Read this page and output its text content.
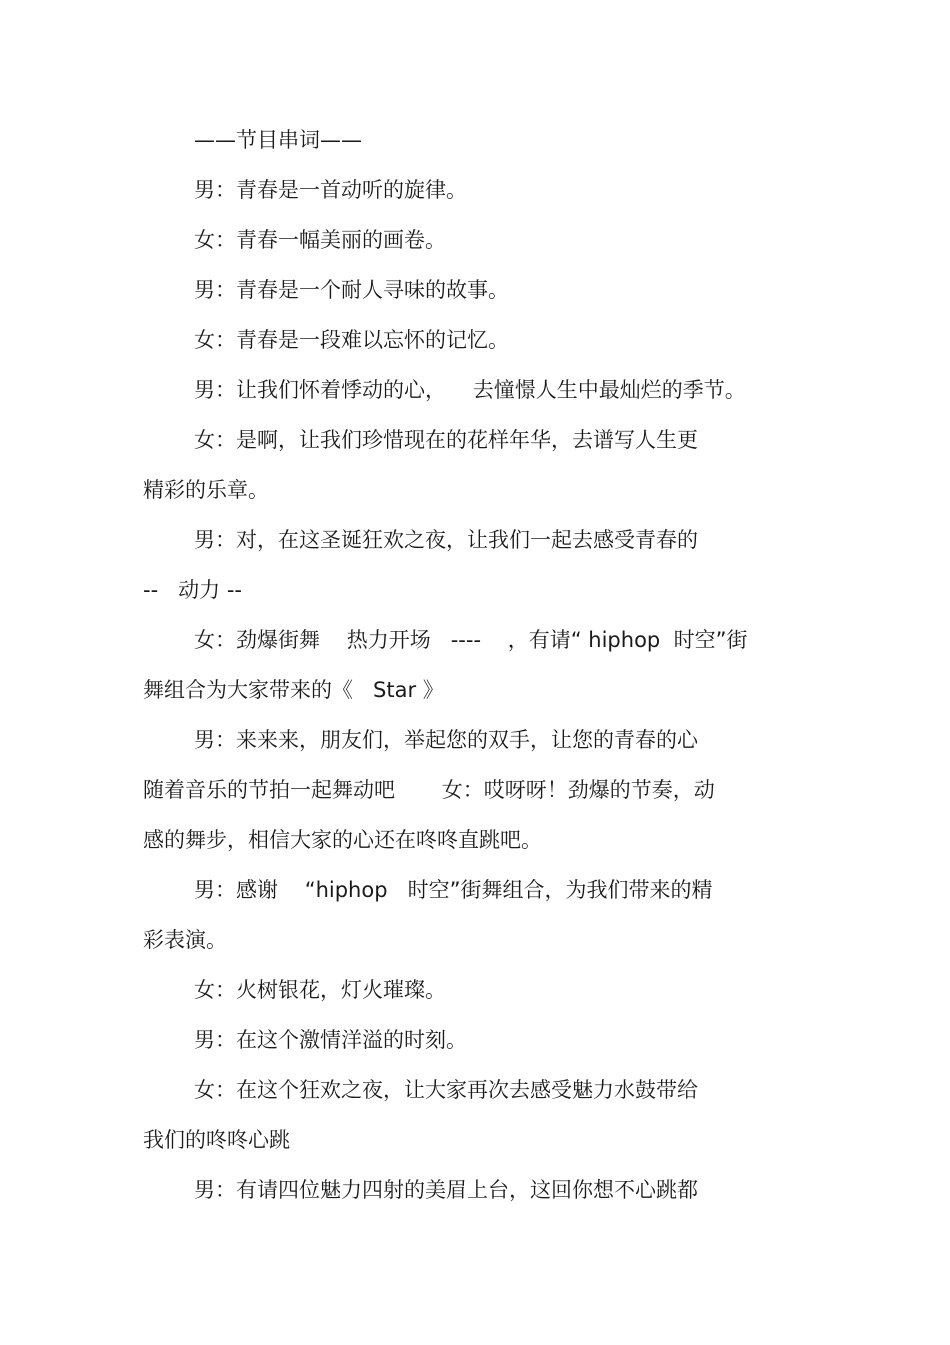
——节目串词——
男：青春是一首动听的旋律。
女：青春一幅美丽的画卷。
男：青春是一个耐人寻味的故事。
女：青春是一段难以忘怀的记忆。
男：让我们怀着悸动的心，    去憧憬人生中最灿烂的季节。
女：是啊，让我们珍惜现在的花样年华，去谱写人生更
精彩的乐章。
男：对，在这圣诞狂欢之夜，让我们一起去感受青春的
--   动力 --
女：劲爆街舞    热力开场   ----    ，有请“ hiphop  时空”街
舞组合为大家带来的《   Star 》
男：来来来，朋友们，举起您的双手，让您的青春的心
随着音乐的节拍一起舞动吧       女：哎呀呀！劲爆的节奏，动
感的舞步，相信大家的心还在咚咚直跳吧。
男：感谢    “hiphop   时空”街舞组合，为我们带来的精
彩表演。
女：火树银花，灯火璀璨。
男：在这个激情洋溢的时刻。
女：在这个狂欢之夜，让大家再次去感受魅力水鼓带给
我们的咚咚心跳
男：有请四位魅力四射的美眉上台，这回你想不心跳都
